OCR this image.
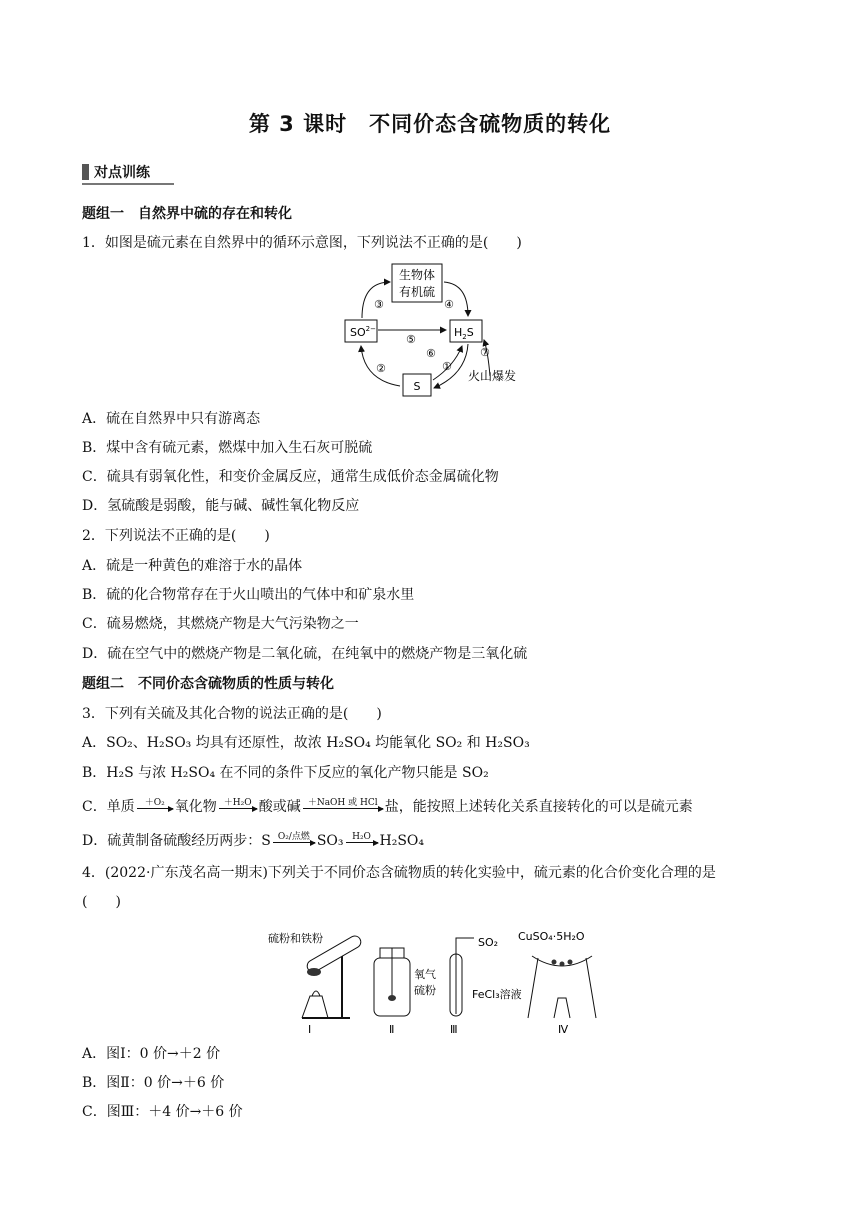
第 3 课时 不同价态含硫物质的转化
对点训练
题组一　自然界中硫的存在和转化
1．如图是硫元素在自然界中的循环示意图，下列说法不正确的是(　　)
生物体
有机硫
$SO^{2-}$	$H_2S$
S
③	④
⑤
②
⑥
①
⑦
火山爆发
A．硫在自然界中只有游离态
B．煤中含有硫元素，燃煤中加入生石灰可脱硫
C．硫具有弱氧化性，和变价金属反应，通常生成低价态金属硫化物
D．氢硫酸是弱酸，能与碱、碱性氧化物反应
2．下列说法不正确的是(　　)
A．硫是一种黄色的难溶于水的晶体
B．硫的化合物常存在于火山喷出的气体中和矿泉水里
C．硫易燃烧，其燃烧产物是大气污染物之一
D．硫在空气中的燃烧产物是二氧化硫，在纯氧中的燃烧产物是三氧化硫
题组二　不同价态含硫物质的性质与转化
3．下列有关硫及其化合物的说法正确的是(　　)
A．SO₂、H₂SO₃ 均具有还原性，故浓 H₂SO₄ 均能氧化 SO₂ 和 H₂SO₃
B．H₂S 与浓 H₂SO₄ 在不同的条件下反应的氧化产物只能是 SO₂
C．单质 ＋O₂ 氧化物 ＋H₂O 酸或碱 ＋NaOH 或 HCl 盐，能按照上述转化关系直接转化的可以是硫元素
D．硫黄制备硫酸经历两步：S O₂/点燃 SO₃ H₂O H₂SO₄
4．(2022·广东茂名高一期末)下列关于不同价态含硫物质的转化实验中，硫元素的化合价变化合理的是
(　　)
硫粉和铁粉
Ⅰ
氧气
硫粉
Ⅱ
SO₂
FeCl₃溶液
Ⅲ
CuSO₄·5H₂O
Ⅳ
A．图Ⅰ：0 价→＋2 价
B．图Ⅱ：0 价→＋6 价
C．图Ⅲ：＋4 价→＋6 价
